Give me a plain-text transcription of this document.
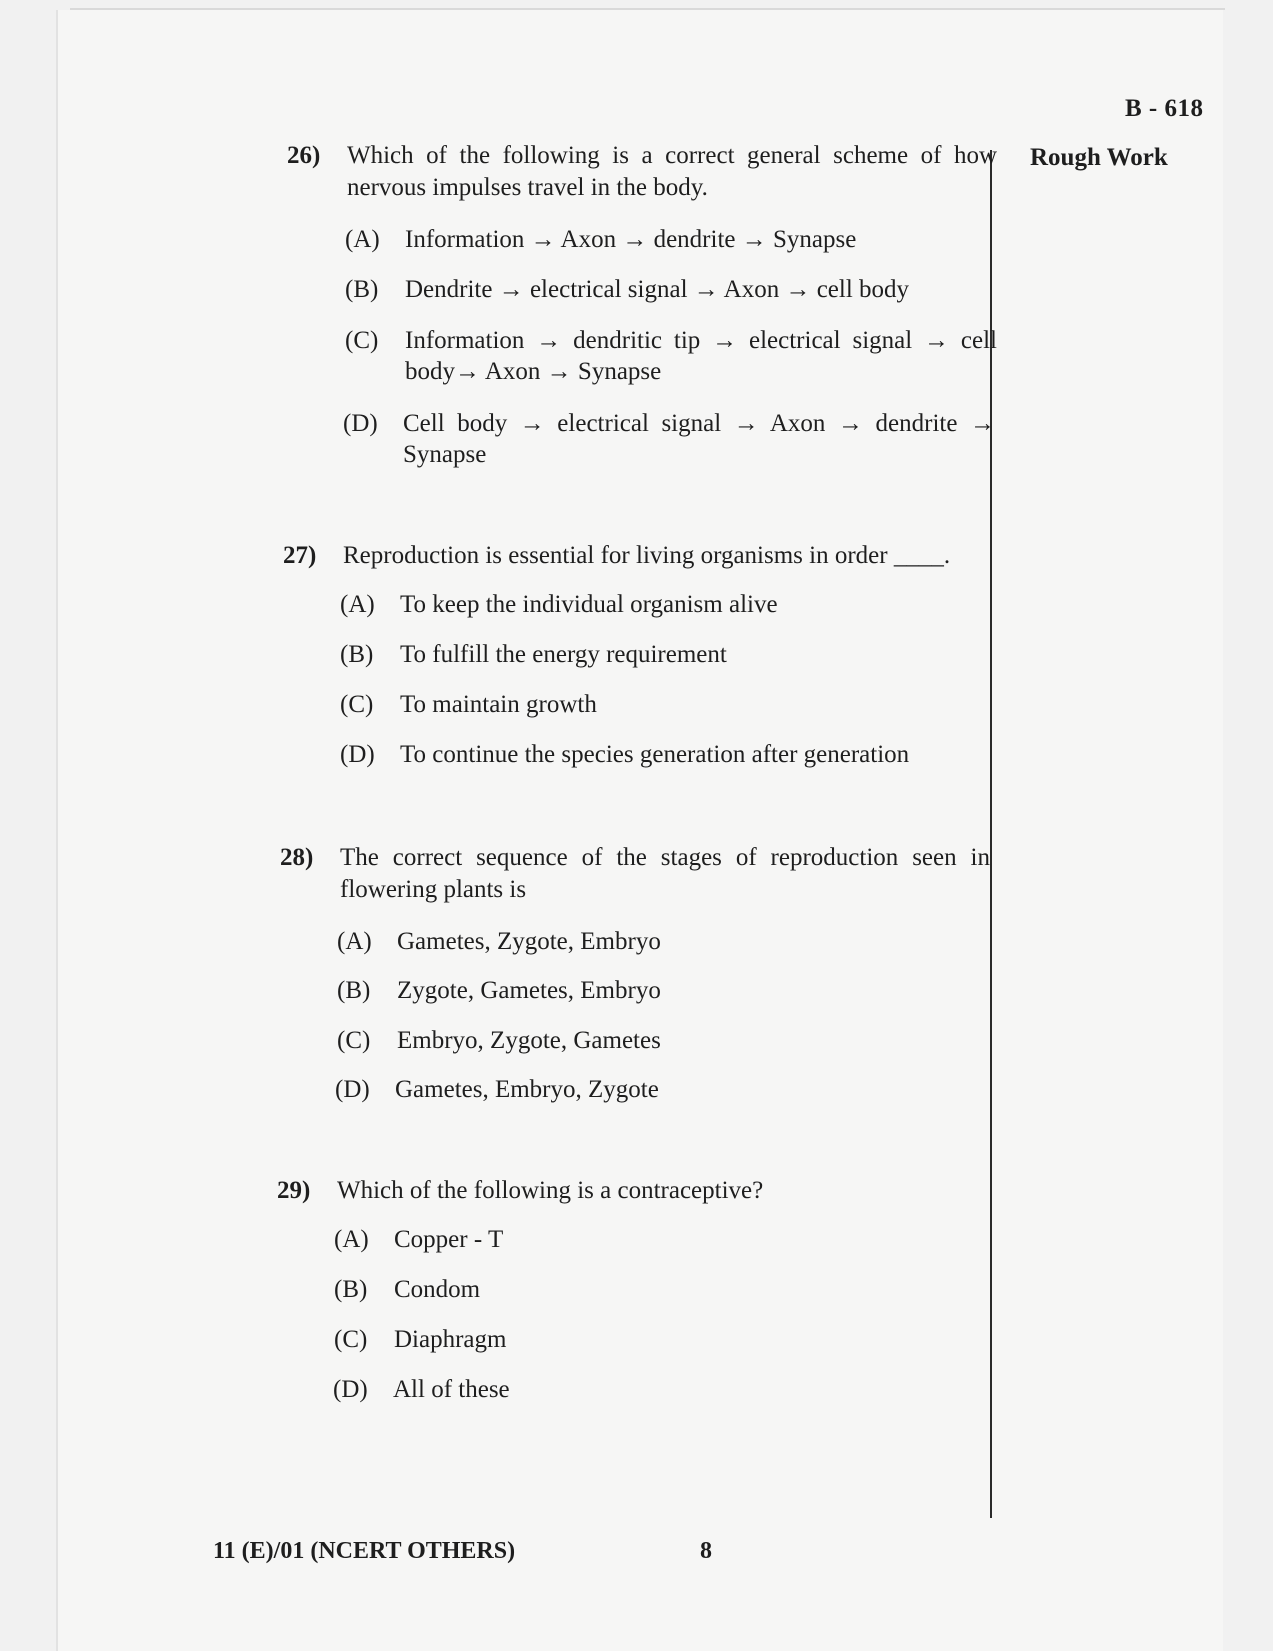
B - 618
Rough Work
26) Which of the following is a correct general scheme of how nervous impulses travel in the body.
(A) Information → Axon → dendrite → Synapse
(B) Dendrite → electrical signal → Axon → cell body
(C) Information → dendritic tip → electrical signal → cell body→ Axon → Synapse
(D) Cell body → electrical signal → Axon → dendrite → Synapse
27) Reproduction is essential for living organisms in order ____.
(A) To keep the individual organism alive
(B) To fulfill the energy requirement
(C) To maintain growth
(D) To continue the species generation after generation
28) The correct sequence of the stages of reproduction seen in flowering plants is
(A) Gametes, Zygote, Embryo
(B) Zygote, Gametes, Embryo
(C) Embryo, Zygote, Gametes
(D) Gametes, Embryo, Zygote
29) Which of the following is a contraceptive?
(A) Copper - T
(B) Condom
(C) Diaphragm
(D) All of these
11 (E)/01 (NCERT OTHERS)	8
